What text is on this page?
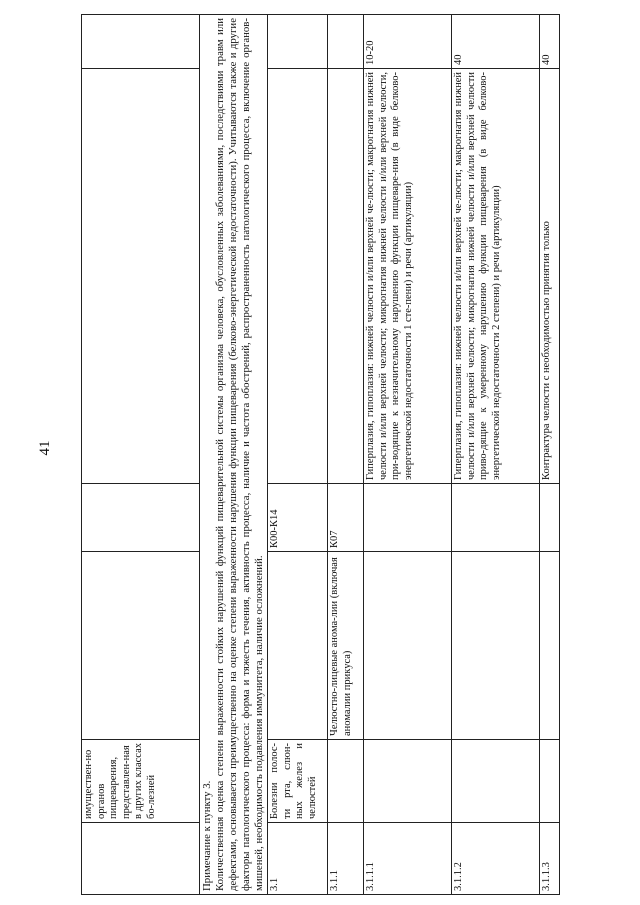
41
	имуществен-но органов пищеварения, представлен-ная в других классах бо-лезней				

Примечание к пункту 3. Количественная оценка степени выраженности стойких нарушений функций пищеварительной системы организма человека, обусловленных заболеваниями, последствиями травм или дефектами, основывается преимущественно на оценке степени выраженности нарушения функции пищеварения (белково-энергетической недостаточности). Учитываются также и другие факторы патологического процесса: форма и тяжесть течения, активность процесса, наличие и частота обострений, распространенность патологического процесса, включение органов-мишеней, необходимость подавления иммунитета, наличие осложнений.					

3.1	Болезни полос-ти рта, слюн-ных желез и челюстей		К00-К14		
3.1.1		Челюстно-лицевые анома-лии (включая аномалии прикуса)	К07		
3.1.1.1				Гиперплазия, гипоплазия: нижней челюсти и/или верхней че-люсти; макрогнатия нижней челюсти и/или верхней челюсти; микрогнатия нижней челюсти и/или верхней челюсти, при-водящие к незначительному нарушению функции пищеваре-ния (в виде белково-энергетической недостаточности 1 сте-пени) и речи (артикуляции)	10-20
3.1.1.2				Гиперплазия, гипоплазия: нижней челюсти и/или верхней че-люсти; макрогнатия нижней челюсти и/или верхней челюсти; микрогнатия нижней челюсти и/или верхней челюсти приво-дящие к умеренному нарушению функции пищеварения (в виде белково-энергетической недостаточности 2 степени) и речи (артикуляции)	40
3.1.1.3				Контрактура челюсти с необходимостью принятия только	40
